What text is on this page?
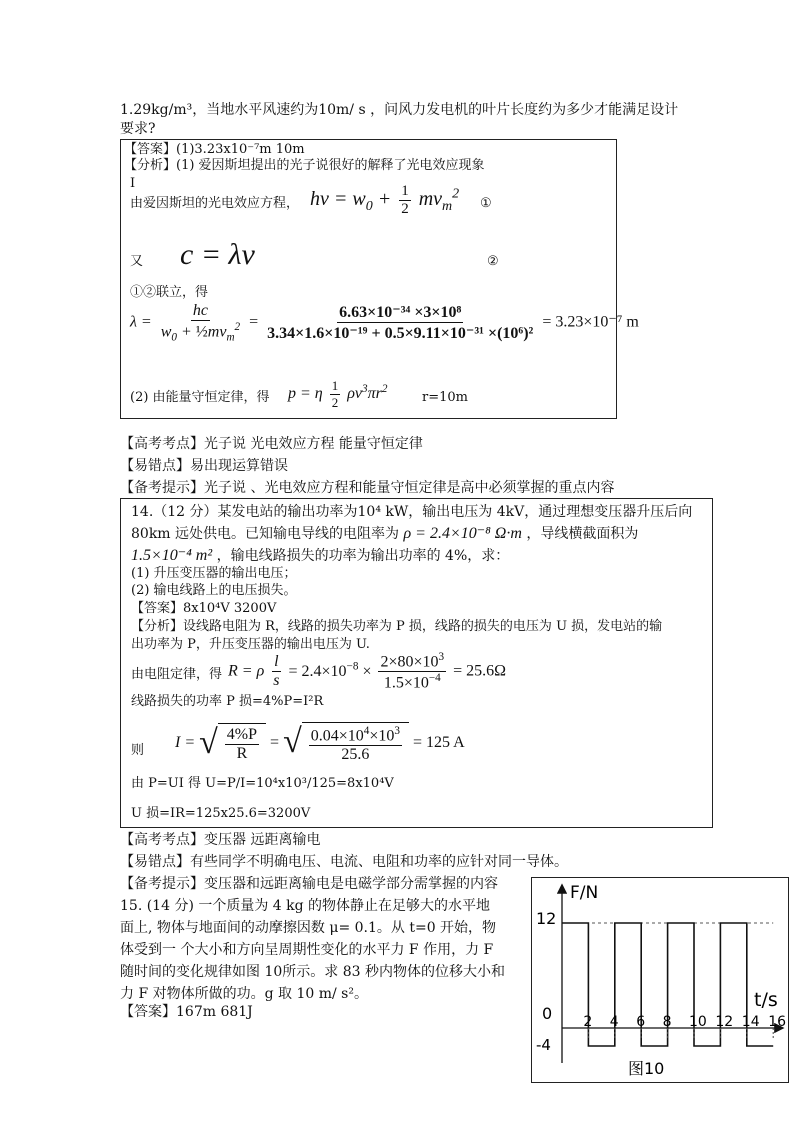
1.29kg/m³，当地水平风速约为10m/ s ，问风力发电机的叶片长度约为多少才能满足设计
要求?
【答案】(1)3.23x10⁻⁷m 10m
【分析】(1) 爱因斯坦提出的光子说很好的解释了光电效应现象
Ⅰ
由爱因斯坦的光电效应方程， $h\nu = w_0 + \frac{1}{2} mv_m^2$
①
又 c = λν	②
①②联立，得
$\lambda = \frac{hc}{w_0 + \frac{1}{2}mv_m^2} = \frac{\text{6.63×10⁻³⁴ ×3×10⁸}}{\text{3.34×1.6×10⁻¹⁹ + 0.5×9.11×10⁻³¹ ×(10⁶)²}} = 3.23\times 10^{-7}$ m
(2) 由能量守恒定律，得 p = η $\frac{1}{2} \rho v^3\pi r^2$
r=10m
【高考考点】光子说 光电效应方程 能量守恒定律
【易错点】易出现运算错误
【备考提示】光子说 、光电效应方程和能量守恒定律是高中必须掌握的重点内容
14.（12 分）某发电站的输出功率为10⁴ kW，输出电压为 4kV，通过理想变压器升压后向
80km 远处供电。已知输电导线的电阻率为 ρ = 2.4×10⁻⁸ Ω·m ，导线横截面积为
1.5×10⁻⁴ m² ，输电线路损失的功率为输出功率的 4%，求：
(1) 升压变压器的输出电压；
(2) 输电线路上的电压损失。
【答案】8x10⁴V 3200V
【分析】设线路电阻为 R，线路的损失功率为 P 损，线路的损失的电压为 U 损，发电站的输
出功率为 P，升压变压器的输出电压为 U.
由电阻定律，得 R = ρ $\frac{l}{s} = 2.4\times 10^{-8} \times \frac{2\times 80\times 10^3}{1.5\times 10^{-4}} = 25.6\Omega$
线路损失的功率 P 损=4%P=I²R
则 I = √ $\frac{4\%P}{R}$ = √ $\frac{0.04\times 10^4\times 10^3}{25.6} = 125$ A
由 P=UI 得 U=P/I=10⁴x10³/125=8x10⁴V
U 损=IR=125x25.6=3200V
【高考考点】变压器 远距离输电
【易错点】有些同学不明确电压、电流、电阻和功率的应针对同一导体。
【备考提示】变压器和远距离输电是电磁学部分需掌握的内容
15. (14 分) 一个质量为 4 kg 的物体静止在足够大的水平地
面上, 物体与地面间的动摩擦因数 μ= 0.1。从 t=0 开始，物
体受到一 个大小和方向呈周期性变化的水平力 F 作用，力 F
随时间的变化规律如图 10所示。求 83 秒内物体的位移大小和
力 F 对物体所做的功。g 取 10 m/ s²。
【答案】167m 681J
F/N
t/s
12
0
-4
2 4 6 8 10 12 14 16
图10
